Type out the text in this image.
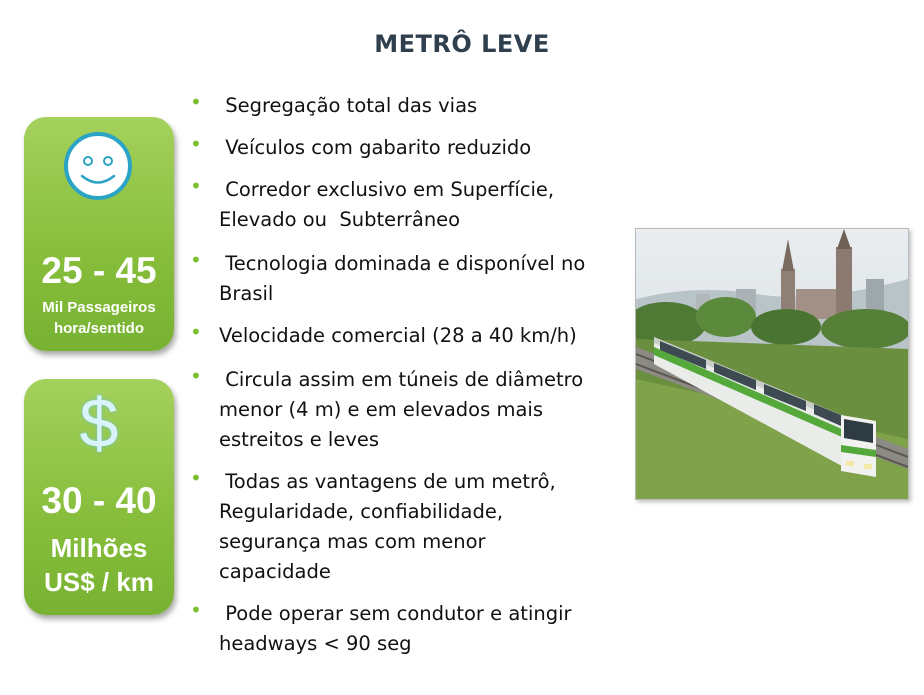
METRÔ LEVE
25 - 45
Mil Passageiros
hora/sentido
$
30 - 40
Milhões
US$ / km
• Segregação total das vias
• Veículos com gabarito reduzido
•	Corredor exclusivo em Superfície,
Elevado ou  Subterrâneo
•	Tecnologia dominada e disponível no
Brasil
• Velocidade comercial (28 a 40 km/h)
•	Circula assim em túneis de diâmetro
menor (4 m) e em elevados mais
estreitos e leves
•	Todas as vantagens de um metrô,
Regularidade, confiabilidade,
segurança mas com menor
capacidade
•	Pode operar sem condutor e atingir
headways < 90 seg
